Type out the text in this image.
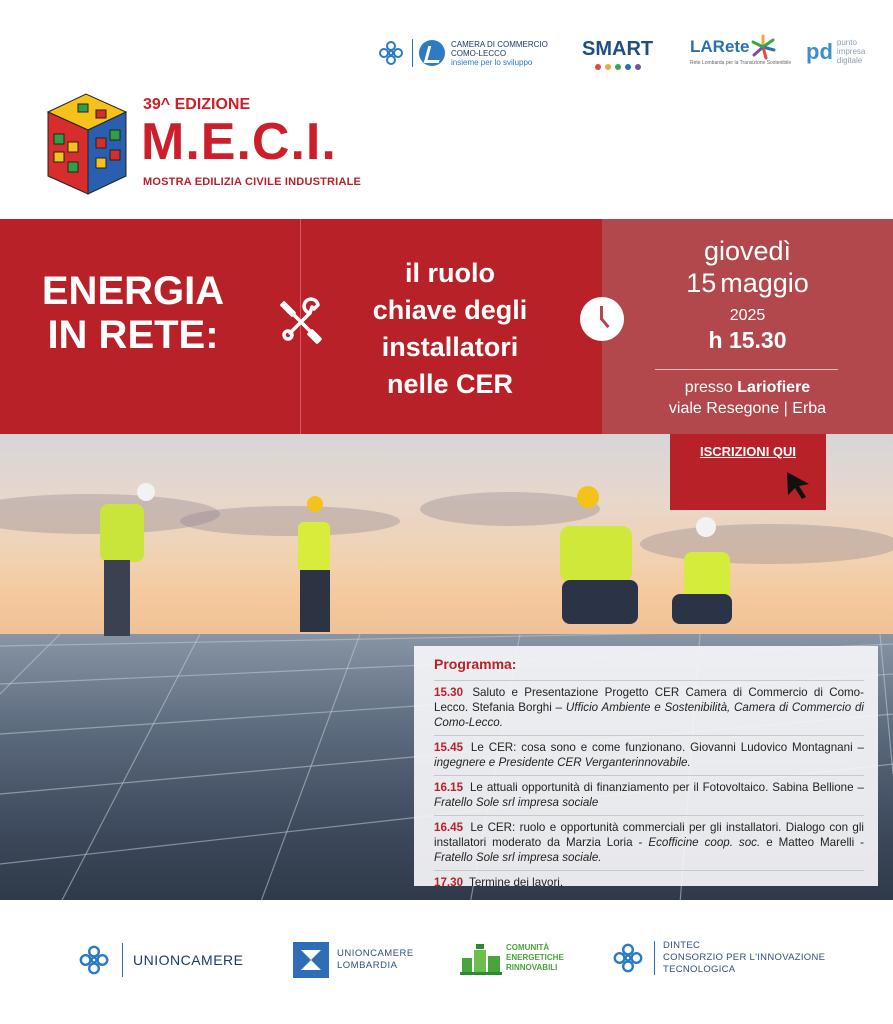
CAMERA DI COMMERCIO
COMO-LECCO
insieme per lo sviluppo
SMART LARete
Rete Lombarda per la Transizione Sostenibile pd punto
impresa
digitale
39^ EDIZIONE
M.E.C.I.
MOSTRA EDILIZIA CIVILE INDUSTRIALE
ENERGIA
IN RETE:
il ruolo
chiave degli
installatori
nelle CER
giovedì
15 maggio
2025
h 15.30
presso Lariofiere
viale Resegone | Erba
ISCRIZIONI QUI
Programma:
15.30 Saluto e Presentazione Progetto CER Camera di Commercio di Como-Lecco. Stefania Borghi – Ufficio Ambiente e Sostenibilità, Camera di Commercio di Como-Lecco.
15.45 Le CER: cosa sono e come funzionano. Giovanni Ludovico Montagnani – ingegnere e Presidente CER Verganterinnovabile.
16.15 Le attuali opportunità di finanziamento per il Fotovoltaico. Sabina Bellione – Fratello Sole srl impresa sociale
16.45 Le CER: ruolo e opportunità commerciali per gli installatori. Dialogo con gli installatori moderato da Marzia Loria - Ecofficine coop. soc. e Matteo Marelli - Fratello Sole srl impresa sociale.
17.30 Termine dei lavori.
UNIONCAMERE	UNIONCAMERE
LOMBARDIA
COMUNITÀ
ENERGETICHE
RINNOVABILI
DINTEC
CONSORZIO PER L'INNOVAZIONE
TECNOLOGICA
